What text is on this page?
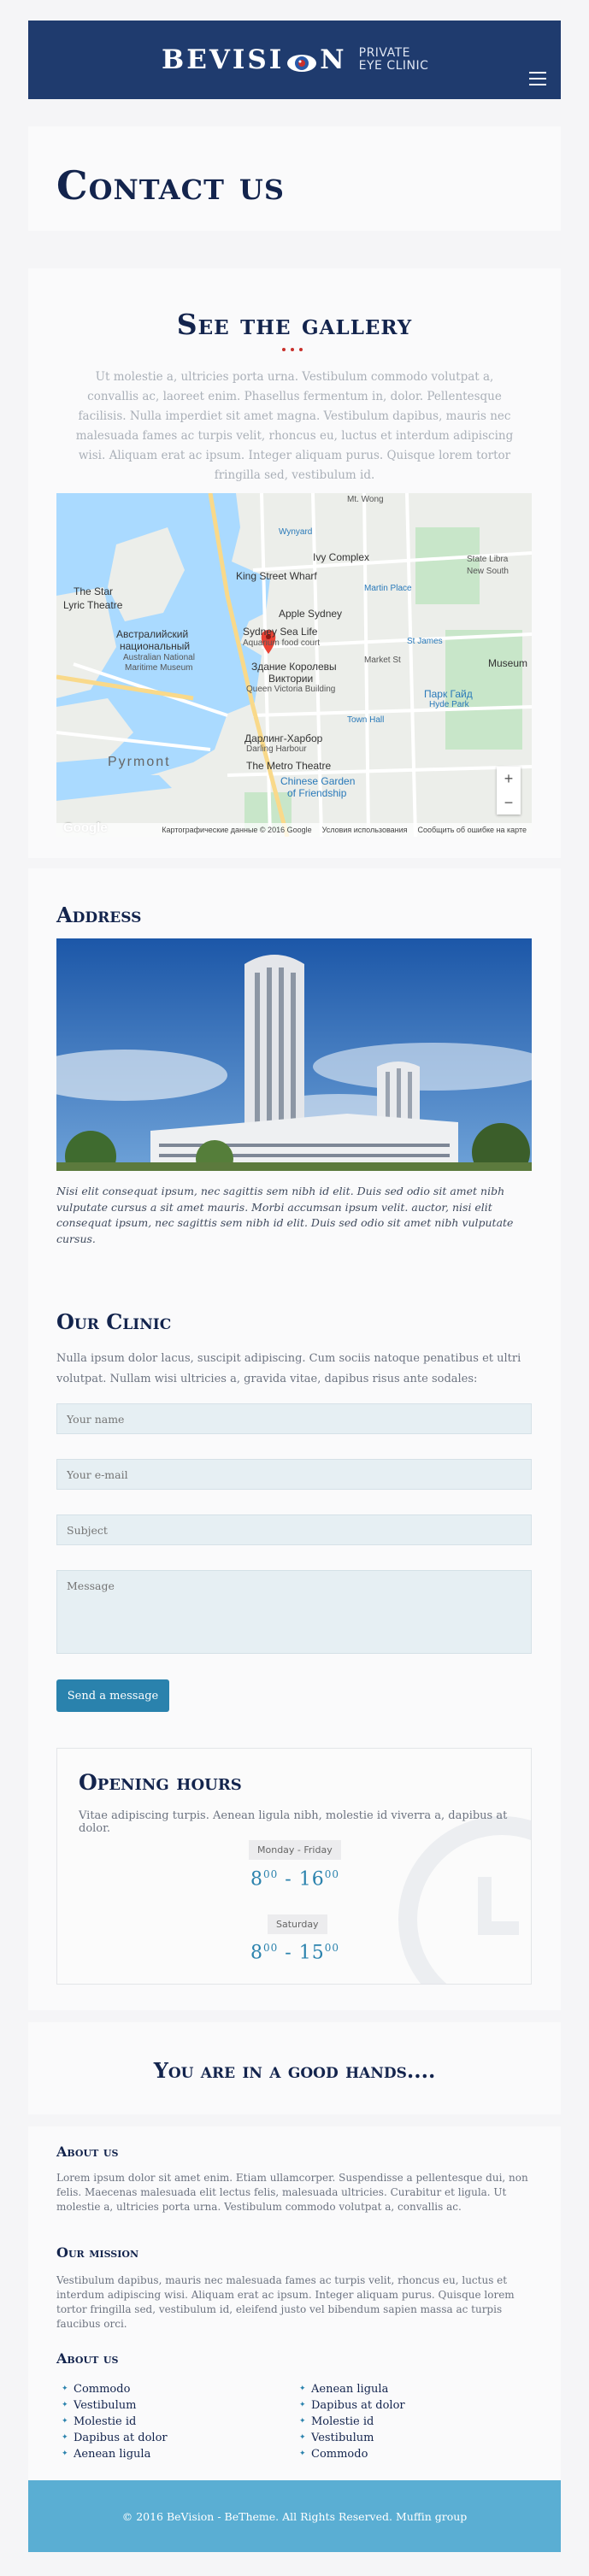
BEVISI N PRIVATE
EYE CLINIC
Contact us
See the gallery

Ut molestie a, ultricies porta urna. Vestibulum commodo volutpat a, convallis ac, laoreet enim. Phasellus fermentum in, dolor. Pellentesque facilisis. Nulla imperdiet sit amet magna. Vestibulum dapibus, mauris nec malesuada fames ac turpis velit, rhoncus eu, luctus et interdum adipiscing wisi. Aliquam erat ac ipsum. Integer aliquam purus. Quisque lorem tortor fringilla sed, vestibulum id.

Mt. Wong
The Star
Lyric Theatre
Wynyard
Ivy Complex
King Street Wharf
Martin Place
State Libra
New South
Apple Sydney
Sydney Sea Life
Aquarium food court
Австралийский
национальный
Australian National
Maritime Museum
St James
Market St	Museum
Здание Королевы
Виктории
Queen Victoria Building	Парк Гайд
Hyde Park
Town Hall
Дарлинг-Харбор
Darling Harbour
The Metro Theatre
Chinese Garden
of Friendship
Pyrmont
+
−
Картографические данные © 2016 Google Условия использования Сообщить об ошибке на карте
Address

Nisi elit consequat ipsum, nec sagittis sem nibh id elit. Duis sed odio sit amet nibh vulputate cursus a sit amet mauris. Morbi accumsan ipsum velit. auctor, nisi elit consequat ipsum, nec sagittis sem nibh id elit. Duis sed odio sit amet nibh vulputate cursus.

Our Clinic

Nulla ipsum dolor lacus, suscipit adipiscing. Cum sociis natoque penatibus et ultri volutpat. Nullam wisi ultricies a, gravida vitae, dapibus risus ante sodales:

Your name
Your e-mail
Subject
Message
Send a message
Opening hours

Vitae adipiscing turpis. Aenean ligula nibh, molestie id viverra a, dapibus at dolor.

Monday - Friday
$8^{00} - 16^{00}$
Saturday
$8^{00} - 15^{00}$
You are in a good hands....
About us

Lorem ipsum dolor sit amet enim. Etiam ullamcorper. Suspendisse a pellentesque dui, non felis. Maecenas malesuada elit lectus felis, malesuada ultricies. Curabitur et ligula. Ut molestie a, ultricies porta urna. Vestibulum commodo volutpat a, convallis ac.

Our mission

Vestibulum dapibus, mauris nec malesuada fames ac turpis velit, rhoncus eu, luctus et interdum adipiscing wisi. Aliquam erat ac ipsum. Integer aliquam purus. Quisque lorem tortor fringilla sed, vestibulum id, eleifend justo vel bibendum sapien massa ac turpis faucibus orci.

About us
✦ Commodo
✦ Vestibulum
✦ Molestie id
✦ Dapibus at dolor
✦ Aenean ligula
✦ Aenean ligula
✦ Dapibus at dolor
✦ Molestie id
✦ Vestibulum
✦ Commodo
© 2016 BeVision - BeTheme. All Rights Reserved. Muffin group
